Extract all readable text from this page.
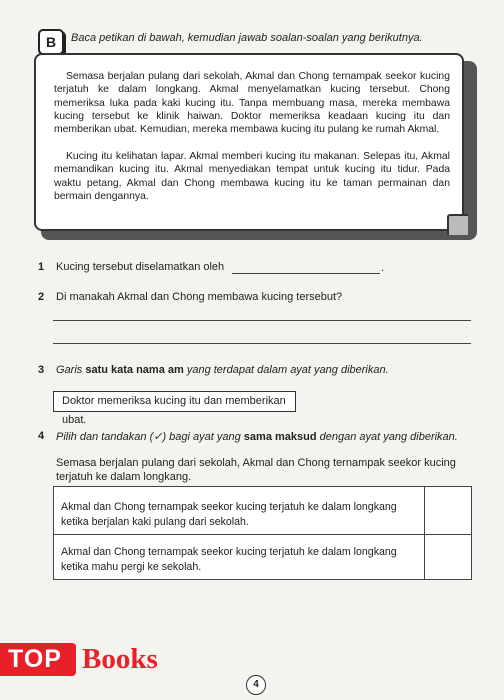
B	Baca petikan di bawah, kemudian jawab soalan-soalan yang berikutnya.

Semasa berjalan pulang dari sekolah, Akmal dan Chong ternampak seekor kucing terjatuh ke dalam longkang. Akmal menyelamatkan kucing tersebut. Chong memeriksa luka pada kaki kucing itu. Tanpa membuang masa, mereka membawa kucing tersebut ke klinik haiwan. Doktor memeriksa keadaan kucing itu dan memberikan ubat. Kemudian, mereka membawa kucing itu pulang ke rumah Akmal.

Kucing itu kelihatan lapar. Akmal memberi kucing itu makanan. Selepas itu, Akmal memandikan kucing itu. Akmal menyediakan tempat untuk kucing itu tidur. Pada waktu petang, Akmal dan Chong membawa kucing itu ke taman permainan dan bermain dengannya.

1 Kucing tersebut diselamatkan oleh	.
2 Di manakah Akmal dan Chong membawa kucing tersebut?
3 Garis satu kata nama am yang terdapat dalam ayat yang diberikan.
Doktor memeriksa kucing itu dan memberikan ubat.
4 Pilih dan tandakan (✓) bagi ayat yang sama maksud dengan ayat yang diberikan.
Semasa berjalan pulang dari sekolah, Akmal dan Chong ternampak seekor kucing terjatuh ke dalam longkang.
Akmal dan Chong ternampak seekor kucing terjatuh ke dalam longkang ketika berjalan kaki pulang dari sekolah.
Akmal dan Chong ternampak seekor kucing terjatuh ke dalam longkang ketika mahu pergi ke sekolah.
TOP Books
4
